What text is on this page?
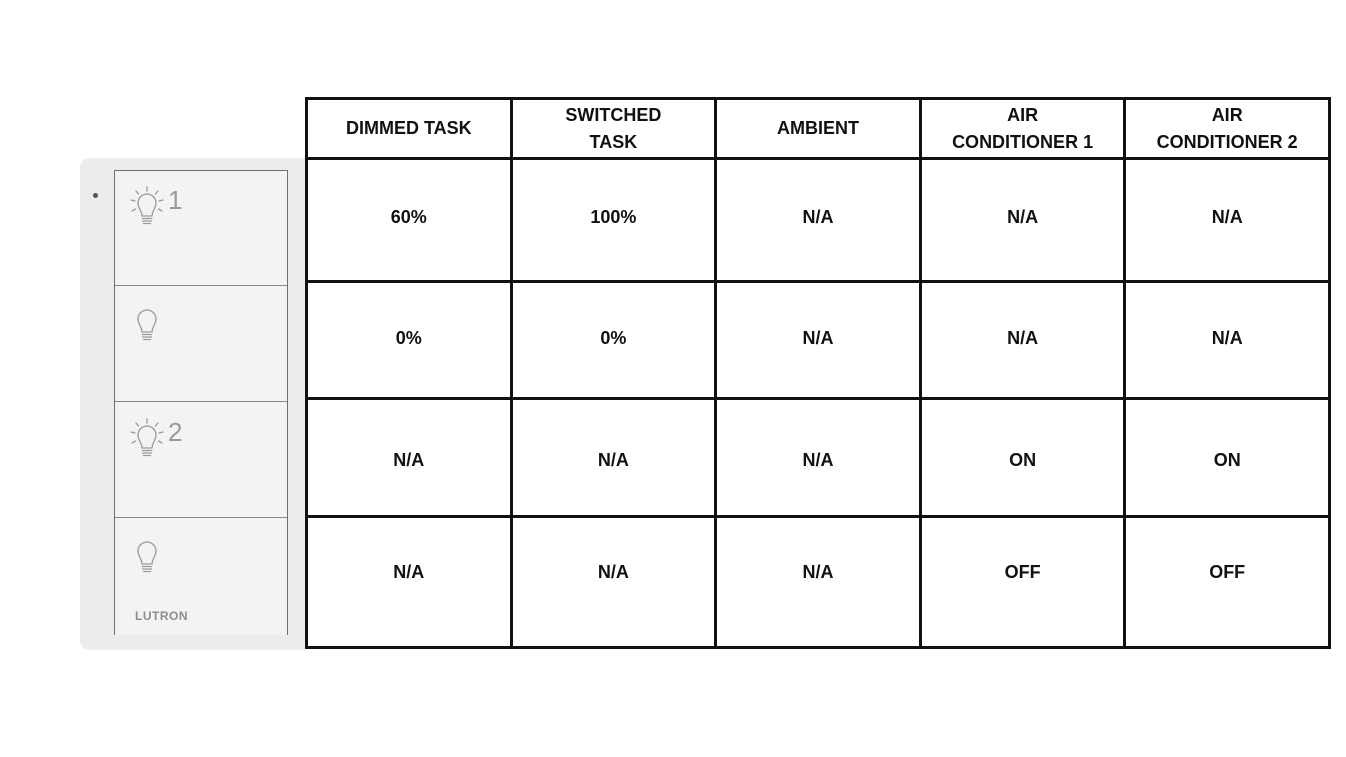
1
2
LUTRON
DIMMED TASK	SWITCHED TASK	AMBIENT	AIR CONDITIONER 1	AIR CONDITIONER 2
60%	100%	N/A	N/A	N/A
0%	0%	N/A	N/A	N/A
N/A	N/A	N/A	ON	ON
N/A	N/A	N/A	OFF	OFF
